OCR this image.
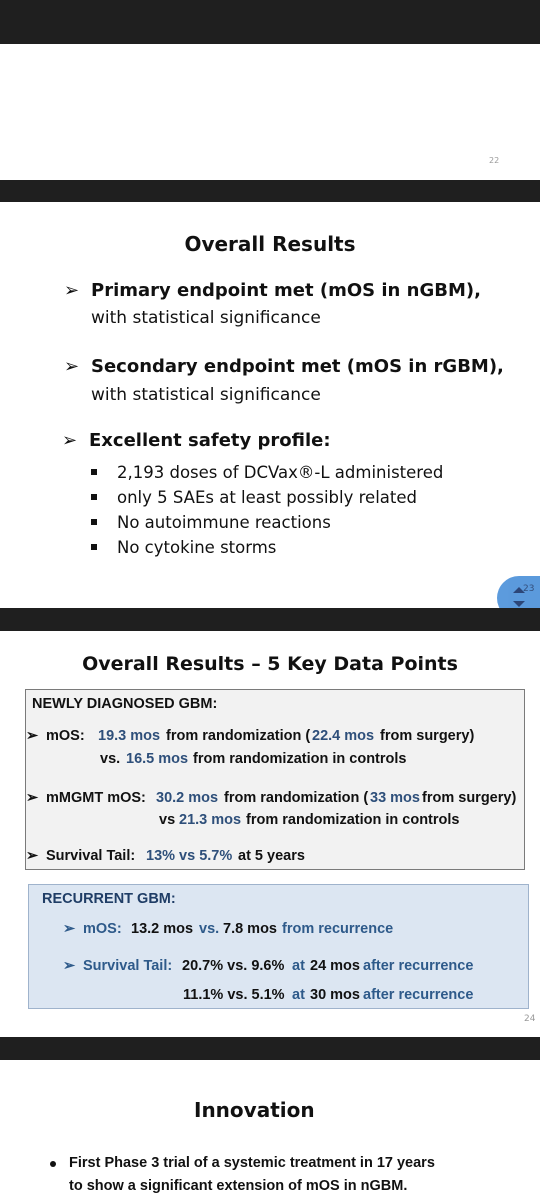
22
Overall Results
➢ Primary endpoint met (mOS in nGBM),
with statistical significance
➢ Secondary endpoint met (mOS in rGBM),
with statistical significance
➢ Excellent safety profile:
2,193 doses of DCVax®-L administered
only 5 SAEs at least possibly related
No autoimmune reactions
No cytokine storms
23
Overall Results – 5 Key Data Points
NEWLY DIAGNOSED GBM:
➢ mOS: 19.3 mos from randomization ( 22.4 mos from surgery)
vs. 16.5 mos from randomization in controls
➢ mMGMT mOS: 30.2 mos from randomization ( 33 mos from surgery)
vs 21.3 mos from randomization in controls
➢ Survival Tail: 13% vs 5.7% at 5 years
RECURRENT GBM:
➢ mOS: 13.2 mos vs. 7.8 mos from recurrence
➢ Survival Tail: 20.7% vs. 9.6% at 24 mos after recurrence
11.1% vs. 5.1% at 30 mos after recurrence
24
Innovation
First Phase 3 trial of a systemic treatment in 17 years
to show a significant extension of mOS in nGBM.
